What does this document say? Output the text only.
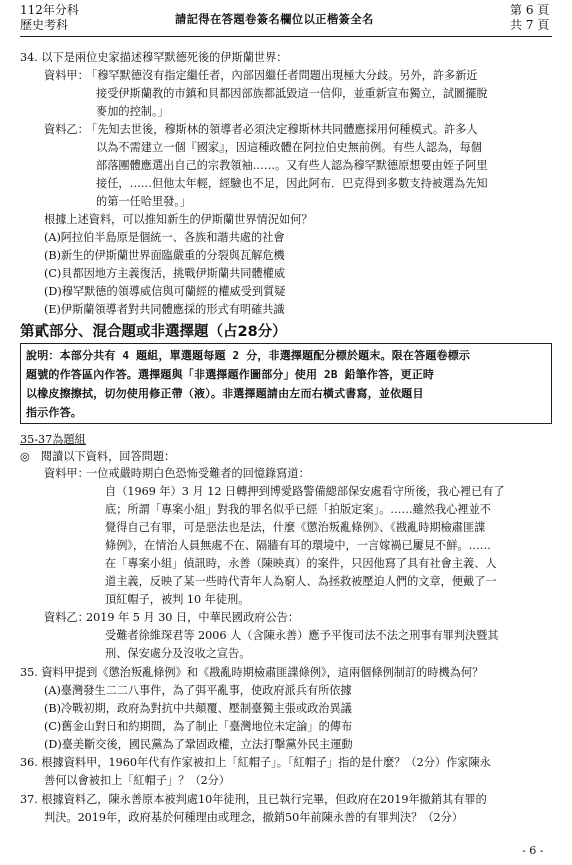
112年分科
歷史考科	請記得在答題卷簽名欄位以正楷簽全名
第 6 頁
共 7 頁
34. 以下是兩位史家描述穆罕默德死後的伊斯蘭世界：
資料甲：
「穆罕默德沒有指定繼任者，內部因繼任者問題出現極大分歧。另外，許多新近
接受伊斯蘭教的市鎮和貝都因部族都詆毀這一信仰，並重新宣布獨立，試圖擺脫
麥加的控制。」
資料乙：
「先知去世後，穆斯林的領導者必須決定穆斯林共同體應採用何種模式。許多人
以為不需建立一個『國家』，因這種政體在阿拉伯史無前例。有些人認為，每個
部落團體應選出自己的宗教領袖……。又有些人認為穆罕默德原想要由姪子阿里
接任，……但他太年輕，經驗也不足，因此阿布．巴克得到多數支持被選為先知
的第一任哈里發。」
根據上述資料，可以推知新生的伊斯蘭世界情況如何？
(A)阿拉伯半島原是個統一、各族和諧共處的社會
(B)新生的伊斯蘭世界面臨嚴重的分裂與瓦解危機
(C)貝都因地方主義復活，挑戰伊斯蘭共同體權威
(D)穆罕默德的領導威信與可蘭經的權威受到質疑
(E)伊斯蘭領導者對共同體應採的形式有明確共識
第貳部分、混合題或非選擇題（占28分）
說明：本部分共有 4 題組，單選題每題 2 分，非選擇題配分標於題末。限在答題卷標示
題號的作答區內作答。選擇題與「非選擇題作圖部分」使用 2B 鉛筆作答，更正時
以橡皮擦擦拭，切勿使用修正帶（液）。非選擇題請由左而右橫式書寫，並依題目
指示作答。
35-37為題組
◎　閱讀以下資料，回答問題：
資料甲：
一位戒嚴時期白色恐怖受難者的回憶錄寫道：
自（1969 年）3 月 12 日轉押到博愛路警備總部保安處看守所後，我心裡已有了
底；所謂「專案小組」對我的罪名似乎已經「拍版定案」。……雖然我心裡並不
覺得自己有罪，可是惡法也是法，什麼《懲治叛亂條例》、《戡亂時期檢肅匪諜
條例》，在情治人員無處不在、隔牆有耳的環境中，一言嫁禍已屢見不鮮。……
在「專案小組」偵訊時，永善（陳映真）的案件，只因他寫了具有社會主義、人
道主義，反映了某一些時代青年人為窮人、為拯救被壓迫人們的文章，便戴了一
頂紅帽子，被判 10 年徒刑。
資料乙：
2019 年 5 月 30 日，中華民國政府公告：
受難者徐維琛君等 2006 人（含陳永善）應予平復司法不法之刑事有罪判決暨其
刑、保安處分及沒收之宣告。
35. 資料甲提到《懲治叛亂條例》和《戡亂時期檢肅匪諜條例》，這兩個條例制訂的時機為何？
(A)臺灣發生二二八事件，為了弭平亂事，使政府派兵有所依據
(B)冷戰初期，政府為對抗中共顛覆、壓制臺獨主張或政治異議
(C)舊金山對日和約期間，為了制止「臺灣地位未定論」的傳布
(D)臺美斷交後，國民黨為了鞏固政權，立法打擊黨外民主運動
36. 根據資料甲，1960年代有作家被扣上「紅帽子」。「紅帽子」指的是什麼？（2分）作家陳永
善何以會被扣上「紅帽子」？（2分）
37. 根據資料乙，陳永善原本被判處10年徒刑，且已執行完畢，但政府在2019年撤銷其有罪的
判決。2019年，政府基於何種理由或理念，撤銷50年前陳永善的有罪判決？（2分）
- 6 -
